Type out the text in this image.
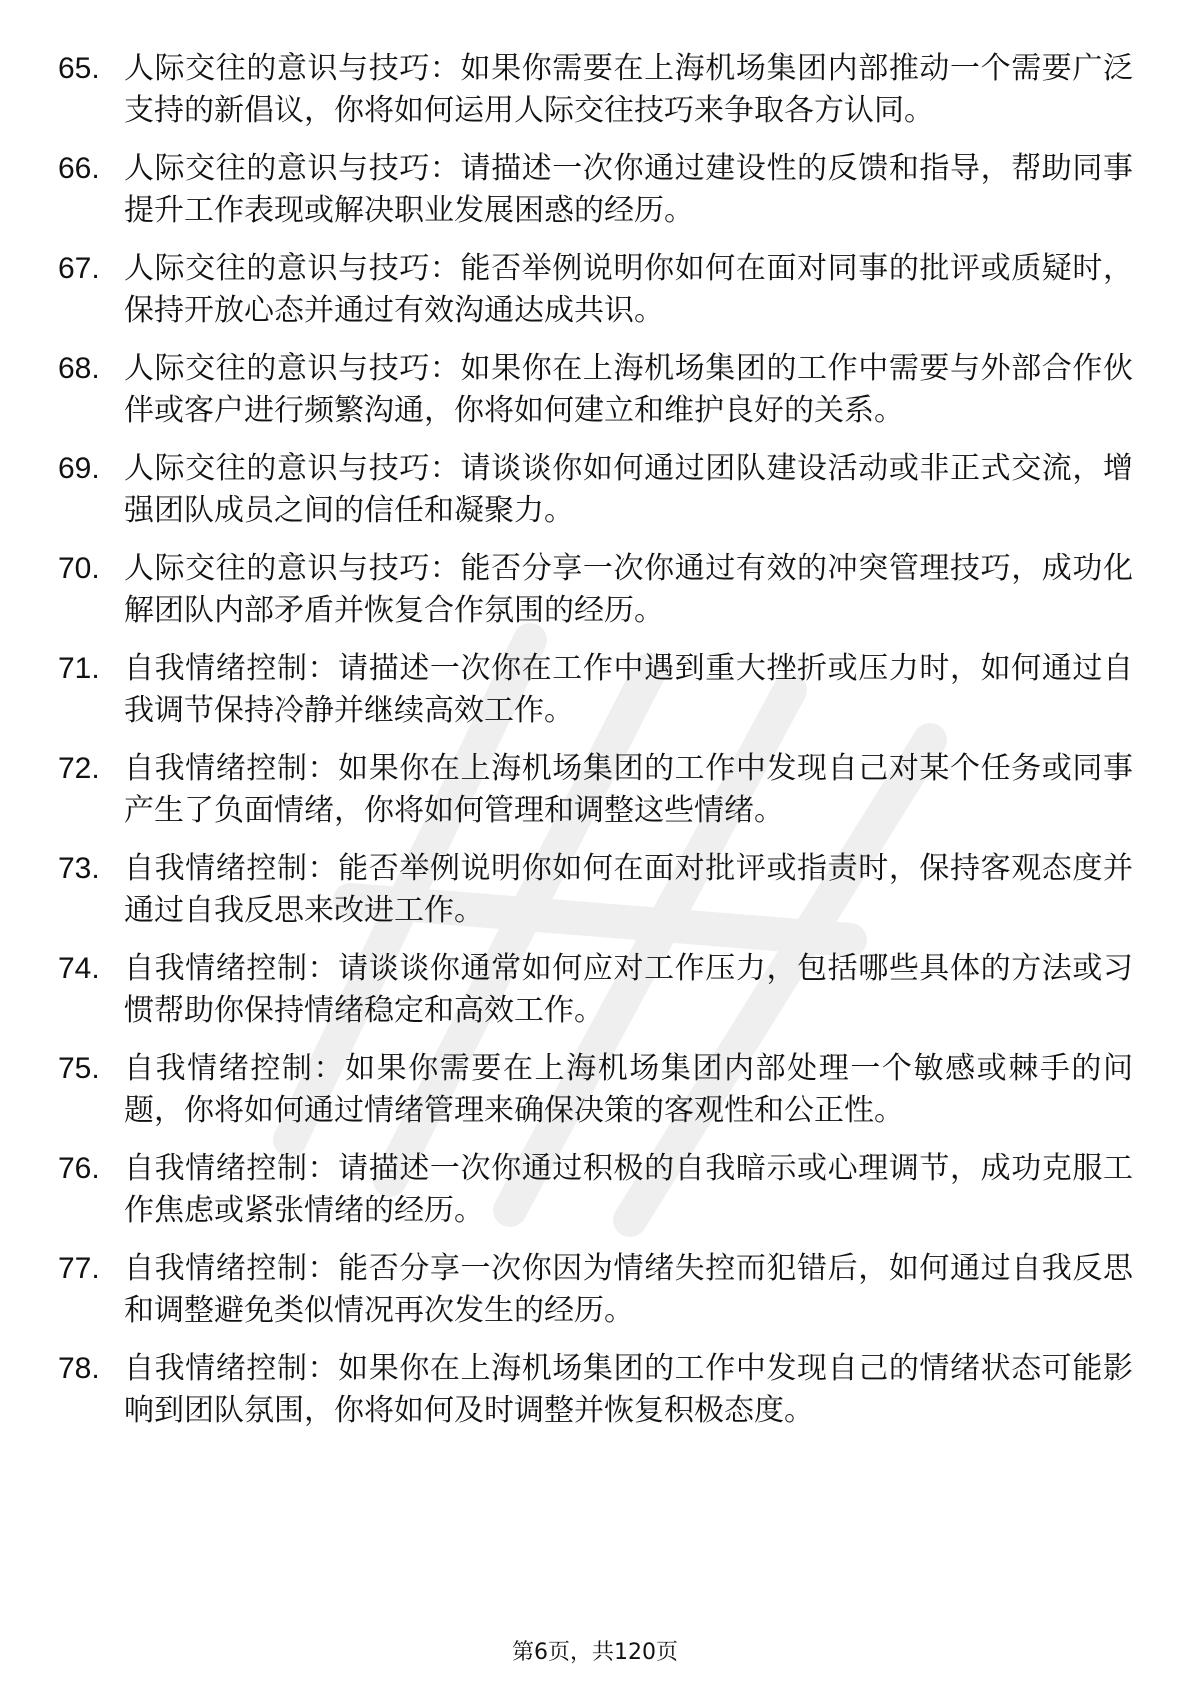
65. 人际交往的意识与技巧：如果你需要在上海机场集团内部推动一个需要广泛支持的新倡议，你将如何运用人际交往技巧来争取各方认同。
66. 人际交往的意识与技巧：请描述一次你通过建设性的反馈和指导，帮助同事提升工作表现或解决职业发展困惑的经历。
67. 人际交往的意识与技巧：能否举例说明你如何在面对同事的批评或质疑时，保持开放心态并通过有效沟通达成共识。
68. 人际交往的意识与技巧：如果你在上海机场集团的工作中需要与外部合作伙伴或客户进行频繁沟通，你将如何建立和维护良好的关系。
69. 人际交往的意识与技巧：请谈谈你如何通过团队建设活动或非正式交流，增强团队成员之间的信任和凝聚力。
70. 人际交往的意识与技巧：能否分享一次你通过有效的冲突管理技巧，成功化解团队内部矛盾并恢复合作氛围的经历。
71. 自我情绪控制：请描述一次你在工作中遇到重大挫折或压力时，如何通过自我调节保持冷静并继续高效工作。
72. 自我情绪控制：如果你在上海机场集团的工作中发现自己对某个任务或同事产生了负面情绪，你将如何管理和调整这些情绪。
73. 自我情绪控制：能否举例说明你如何在面对批评或指责时，保持客观态度并通过自我反思来改进工作。
74. 自我情绪控制：请谈谈你通常如何应对工作压力，包括哪些具体的方法或习惯帮助你保持情绪稳定和高效工作。
75. 自我情绪控制：如果你需要在上海机场集团内部处理一个敏感或棘手的问题，你将如何通过情绪管理来确保决策的客观性和公正性。
76. 自我情绪控制：请描述一次你通过积极的自我暗示或心理调节，成功克服工作焦虑或紧张情绪的经历。
77. 自我情绪控制：能否分享一次你因为情绪失控而犯错后，如何通过自我反思和调整避免类似情况再次发生的经历。
78. 自我情绪控制：如果你在上海机场集团的工作中发现自己的情绪状态可能影响到团队氛围，你将如何及时调整并恢复积极态度。
第6页，共120页
